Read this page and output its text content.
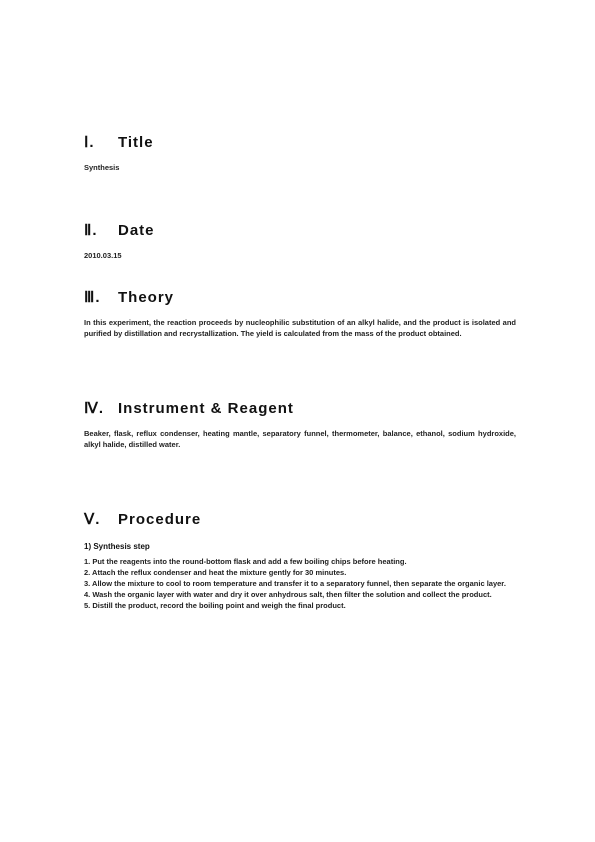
Ⅰ. Title
Synthesis
Ⅱ. Date
2010.03.15
Ⅲ. Theory
In this experiment, the reaction proceeds by nucleophilic substitution of an alkyl halide, and the product is isolated and purified by distillation and recrystallization. The yield is calculated from the mass of the product obtained.
Ⅳ. Instrument & Reagent
Beaker, flask, reflux condenser, heating mantle, separatory funnel, thermometer, balance, ethanol, sodium hydroxide, alkyl halide, distilled water.
Ⅴ. Procedure
1) Synthesis step

1. Put the reagents into the round-bottom flask and add a few boiling chips before heating.

2. Attach the reflux condenser and heat the mixture gently for 30 minutes.

3. Allow the mixture to cool to room temperature and transfer it to a separatory funnel, then separate the organic layer.

4. Wash the organic layer with water and dry it over anhydrous salt, then filter the solution and collect the product.

5. Distill the product, record the boiling point and weigh the final product.
